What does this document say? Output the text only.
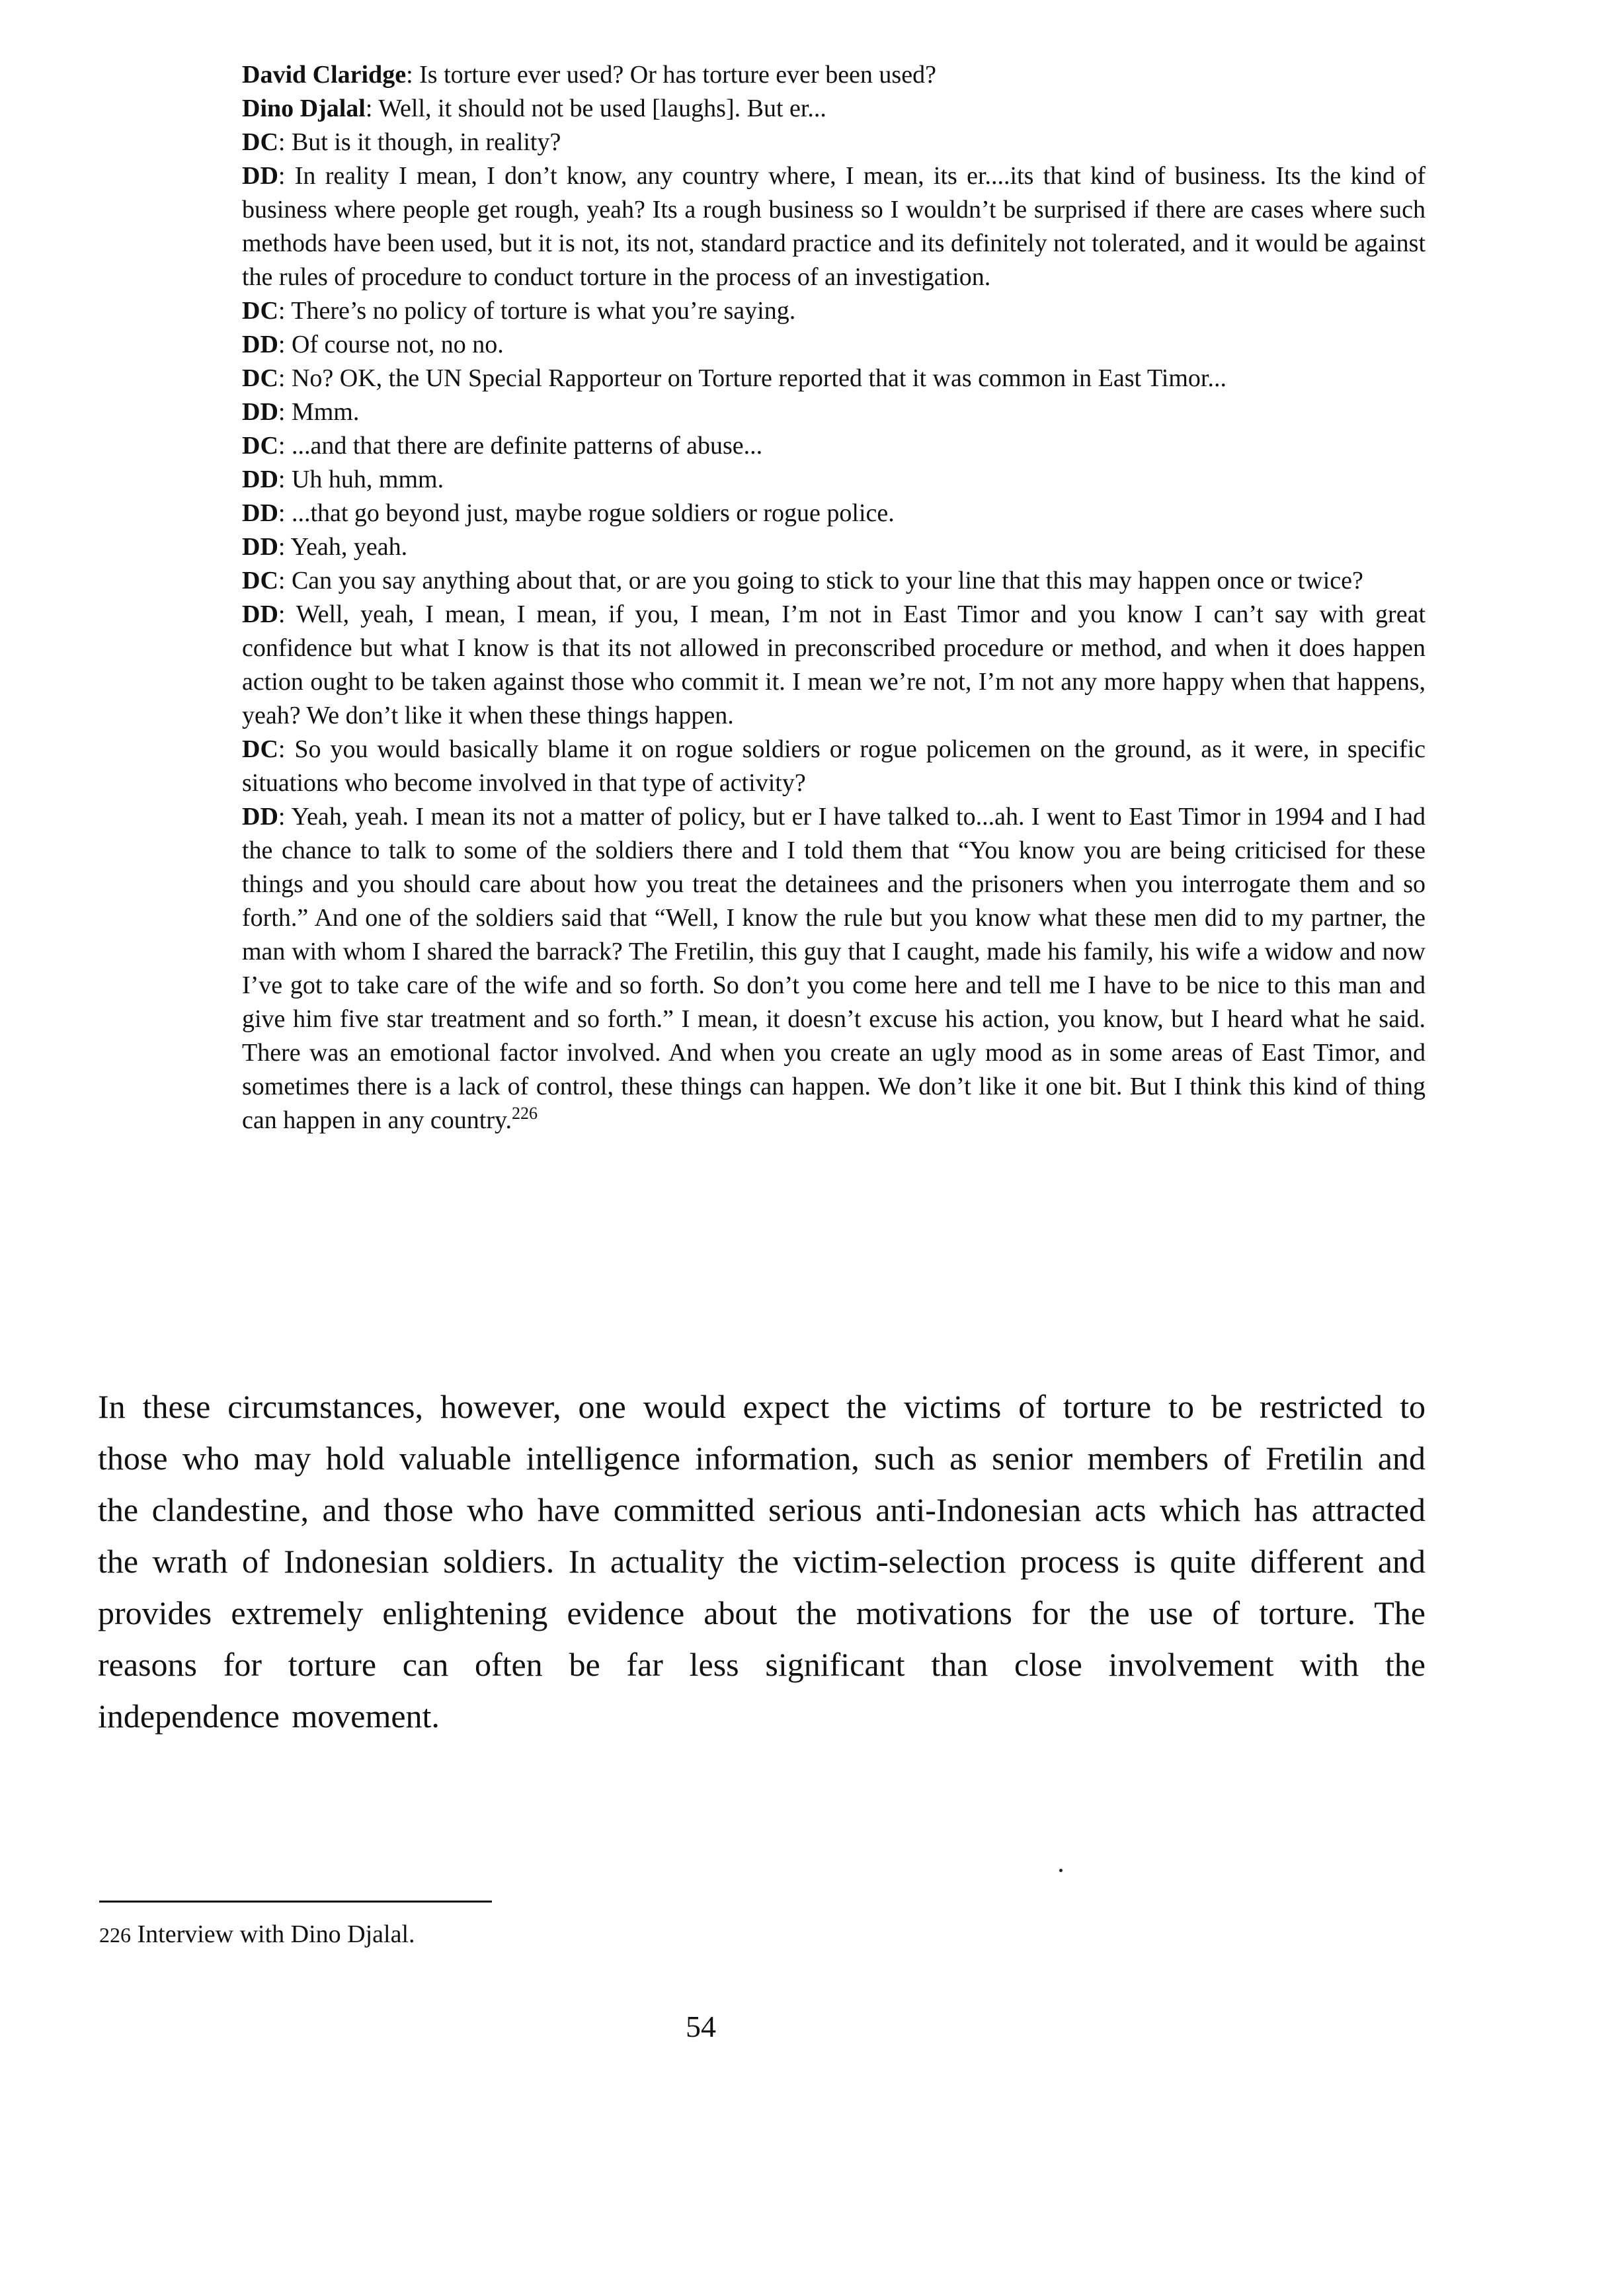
David Claridge : Is torture ever used? Or has torture ever been used?

Dino Djalal : Well, it should not be used [laughs]. But er...

DC : But is it though, in reality?

DD : In reality I mean, I don’t know, any country where, I mean, its er....its that kind of business. Its the kind of business where people get rough, yeah? Its a rough business so I wouldn’t be surprised if there are cases where such methods have been used, but it is not, its not, standard practice and its definitely not tolerated, and it would be against the rules of procedure to conduct torture in the process of an investigation.

DC : There’s no policy of torture is what you’re saying.

DD : Of course not, no no.

DC : No? OK, the UN Special Rapporteur on Torture reported that it was common in East Timor...

DD : Mmm.

DC : ...and that there are definite patterns of abuse...

DD : Uh huh, mmm.

DD : ...that go beyond just, maybe rogue soldiers or rogue police.

DD : Yeah, yeah.

DC : Can you say anything about that, or are you going to stick to your line that this may happen once or twice?

DD : Well, yeah, I mean, I mean, if you, I mean, I’m not in East Timor and you know I can’t say with great confidence but what I know is that its not allowed in preconscribed procedure or method, and when it does happen action ought to be taken against those who commit it. I mean we’re not, I’m not any more happy when that happens, yeah? We don’t like it when these things happen.

DC : So you would basically blame it on rogue soldiers or rogue policemen on the ground, as it were, in specific situations who become involved in that type of activity?

DD : Yeah, yeah. I mean its not a matter of policy, but er I have talked to...ah. I went to East Timor in 1994 and I had the chance to talk to some of the soldiers there and I told them that “You know you are being criticised for these things and you should care about how you treat the detainees and the prisoners when you interrogate them and so forth.” And one of the soldiers said that “Well, I know the rule but you know what these men did to my partner, the man with whom I shared the barrack? The Fretilin, this guy that I caught, made his family, his wife a widow and now I’ve got to take care of the wife and so forth. So don’t you come here and tell me I have to be nice to this man and give him five star treatment and so forth.” I mean, it doesn’t excuse his action, you know, but I heard what he said. There was an emotional factor involved. And when you create an ugly mood as in some areas of East Timor, and sometimes there is a lack of control, these things can happen. We don’t like it one bit. But I think this kind of thing can happen in any country.$^{226}$

In these circumstances, however, one would expect the victims of torture to be restricted to those who may hold valuable intelligence information, such as senior members of Fretilin and the clandestine, and those who have committed serious anti-Indonesian acts which has attracted the wrath of Indonesian soldiers. In actuality the victim-selection process is quite different and provides extremely enlightening evidence about the motivations for the use of torture. The reasons for torture can often be far less significant than close involvement with the independence movement.

226 Interview with Dino Djalal.

54
